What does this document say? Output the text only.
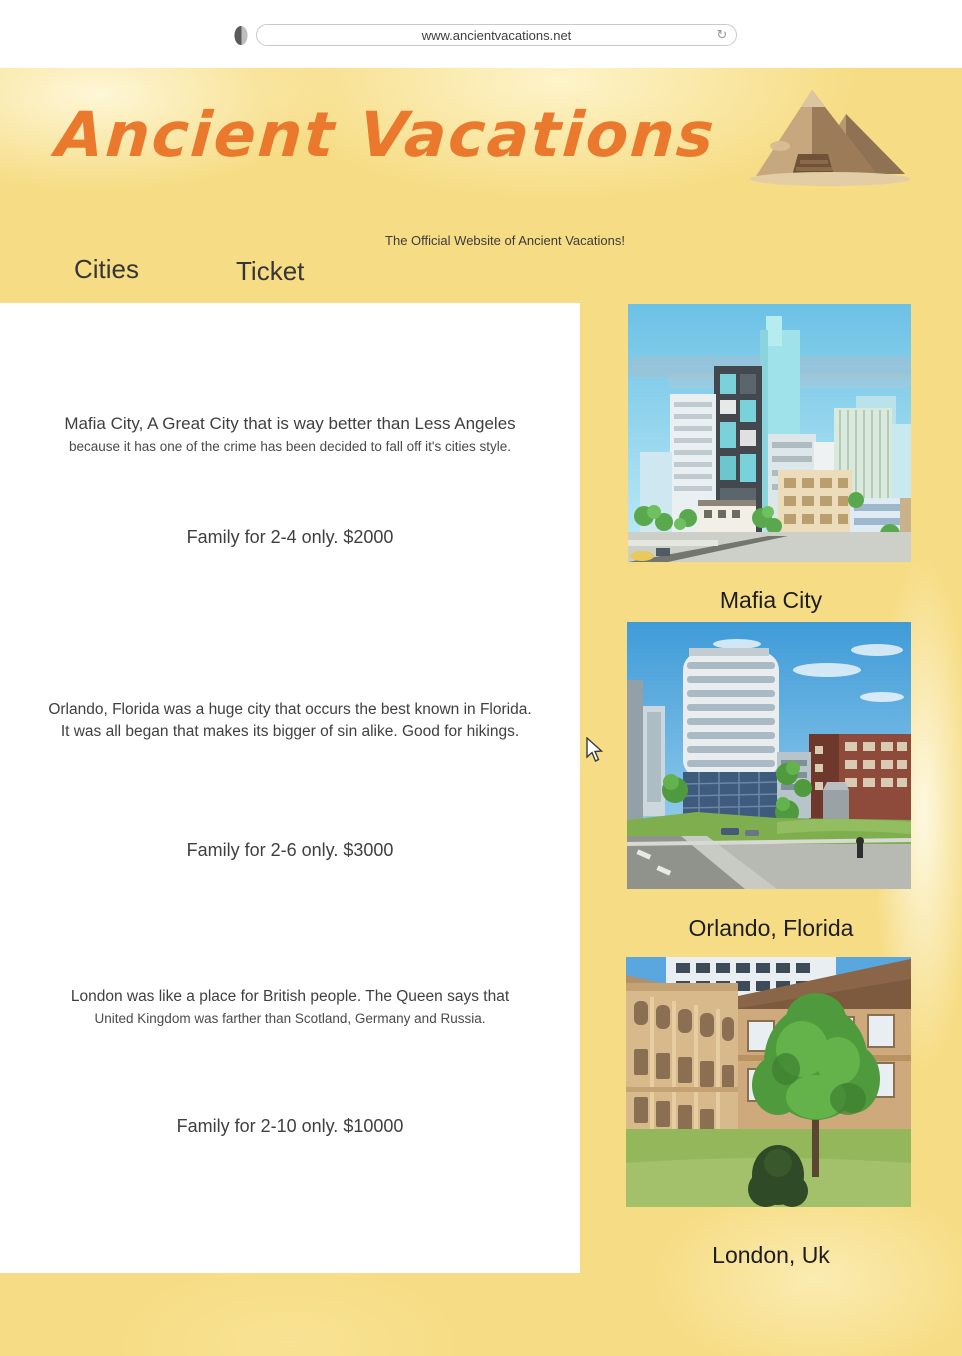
www.ancientvacations.net	↻
Ancient Vacations
The Official Website of Ancient Vacations!
Cities	Ticket
Mafia City, A Great City that is way better than Less Angeles
because it has one of the crime has been decided to fall off it's cities style.
Family for 2-4 only. $2000
Orlando, Florida was a huge city that occurs the best known in Florida.
It was all began that makes its bigger of sin alike. Good for hikings.
Family for 2-6 only. $3000
London was like a place for British people. The Queen says that
United Kingdom was farther than Scotland, Germany and Russia.
Family for 2-10 only. $10000
Mafia City
Orlando, Florida
London, Uk
